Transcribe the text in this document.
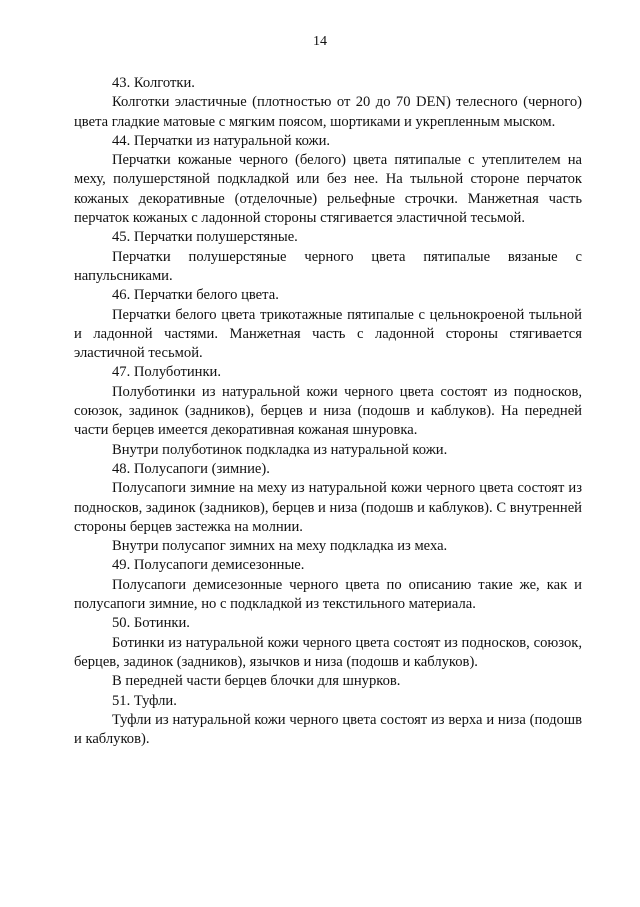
14

43. Колготки.

Колготки эластичные (плотностью от 20 до 70 DEN) телесного (черного) цвета гладкие матовые с мягким поясом, шортиками и укрепленным мыском.

44. Перчатки из натуральной кожи.

Перчатки кожаные черного (белого) цвета пятипалые с утеплителем на меху, полушерстяной подкладкой или без нее. На тыльной стороне перчаток кожаных декоративные (отделочные) рельефные строчки. Манжетная часть перчаток кожаных с ладонной стороны стягивается эластичной тесьмой.

45. Перчатки полушерстяные.

Перчатки полушерстяные черного цвета пятипалые вязаные с напульсниками.

46. Перчатки белого цвета.

Перчатки белого цвета трикотажные пятипалые с цельнокроеной тыльной и ладонной частями. Манжетная часть с ладонной стороны стягивается эластичной тесьмой.

47. Полуботинки.

Полуботинки из натуральной кожи черного цвета состоят из подносков, союзок, задинок (задников), берцев и низа (подошв и каблуков). На передней части берцев имеется декоративная кожаная шнуровка.

Внутри полуботинок подкладка из натуральной кожи.

48. Полусапоги (зимние).

Полусапоги зимние на меху из натуральной кожи черного цвета состоят из подносков, задинок (задников), берцев и низа (подошв и каблуков). С внутренней стороны берцев застежка на молнии.

Внутри полусапог зимних на меху подкладка из меха.

49. Полусапоги демисезонные.

Полусапоги демисезонные черного цвета по описанию такие же, как и полусапоги зимние, но с подкладкой из текстильного материала.

50. Ботинки.

Ботинки из натуральной кожи черного цвета состоят из подносков, союзок, берцев, задинок (задников), язычков и низа (подошв и каблуков).

В передней части берцев блочки для шнурков.

51. Туфли.

Туфли из натуральной кожи черного цвета состоят из верха и низа (подошв и каблуков).
